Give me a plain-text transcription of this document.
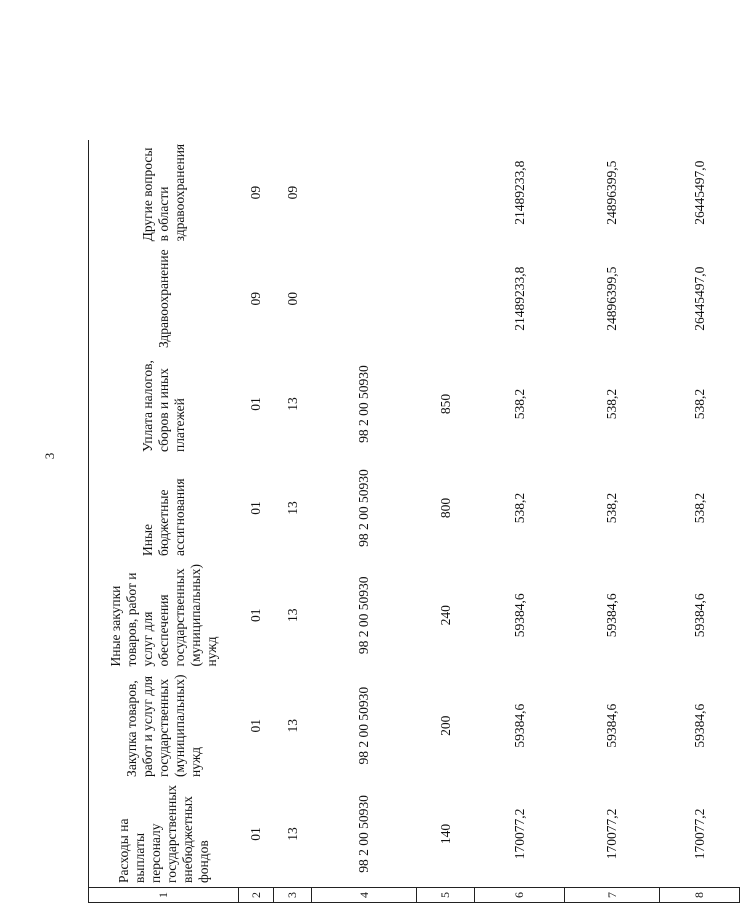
3
1	Расходы на выплаты персоналу государственных внебюджетных фондов	Закупка товаров, работ и услуг для государственных (муниципальных) нужд	Иные закупки товаров, работ и услуг для обеспечения государственных (муниципальных) нужд	Иные бюджетные ассигнования	Уплата налогов, сборов и иных платежей	Здравоохранение	Другие вопросы в области здравоохранения
2	01	01	01	01	01	09	09
3	13	13	13	13	13	00	09
4	98 2 00 50930	98 2 00 50930	98 2 00 50930	98 2 00 50930	98 2 00 50930		
5	140	200	240	800	850		
6	170077,2	59384,6	59384,6	538,2	538,2	21489233,8	21489233,8
7	170077,2	59384,6	59384,6	538,2	538,2	24896399,5	24896399,5
8	170077,2	59384,6	59384,6	538,2	538,2	26445497,0	26445497,0
